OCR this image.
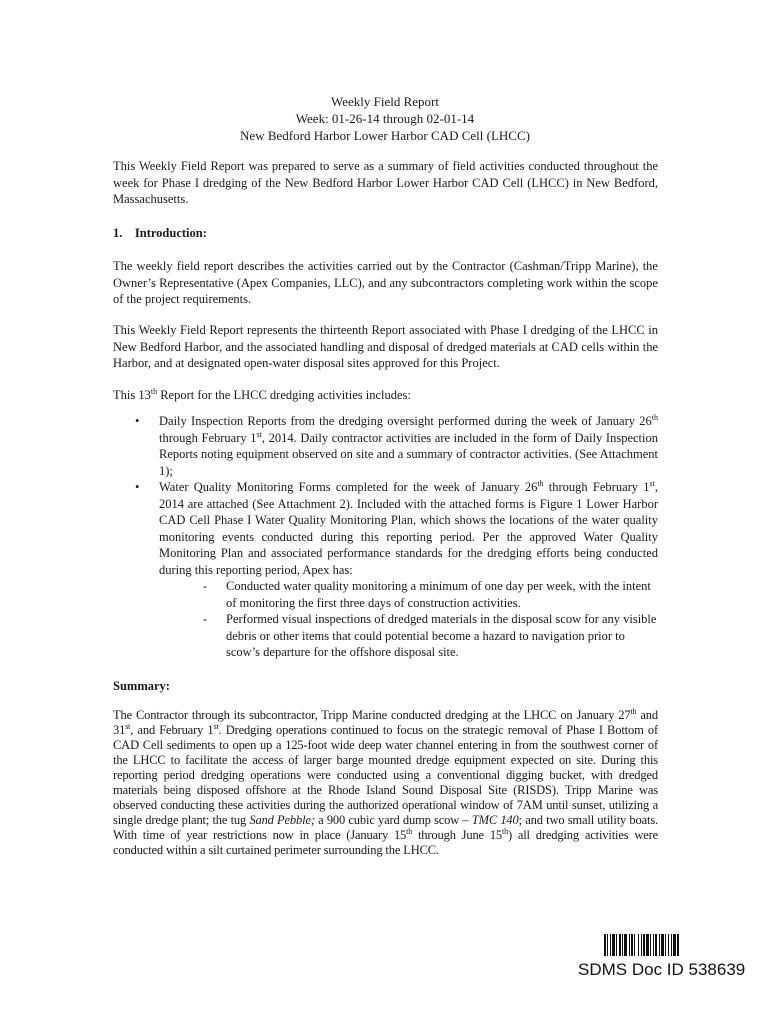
Weekly Field Report
Week: 01-26-14 through 02-01-14
New Bedford Harbor Lower Harbor CAD Cell (LHCC)
This Weekly Field Report was prepared to serve as a summary of field activities conducted throughout the week for Phase I dredging of the New Bedford Harbor Lower Harbor CAD Cell (LHCC) in New Bedford, Massachusetts.
1. Introduction:
The weekly field report describes the activities carried out by the Contractor (Cashman/Tripp Marine), the Owner’s Representative (Apex Companies, LLC), and any subcontractors completing work within the scope of the project requirements.
This Weekly Field Report represents the thirteenth Report associated with Phase I dredging of the LHCC in New Bedford Harbor, and the associated handling and disposal of dredged materials at CAD cells within the Harbor, and at designated open-water disposal sites approved for this Project.
This 13th Report for the LHCC dredging activities includes:
• Daily Inspection Reports from the dredging oversight performed during the week of January 26th through February 1st, 2014. Daily contractor activities are included in the form of Daily Inspection Reports noting equipment observed on site and a summary of contractor activities. (See Attachment 1);
• Water Quality Monitoring Forms completed for the week of January 26th through February 1st, 2014 are attached (See Attachment 2). Included with the attached forms is Figure 1 Lower Harbor CAD Cell Phase I Water Quality Monitoring Plan, which shows the locations of the water quality monitoring events conducted during this reporting period. Per the approved Water Quality Monitoring Plan and associated performance standards for the dredging efforts being conducted during this reporting period, Apex has:
- Conducted water quality monitoring a minimum of one day per week, with the intent of monitoring the first three days of construction activities.
- Performed visual inspections of dredged materials in the disposal scow for any visible debris or other items that could potential become a hazard to navigation prior to scow’s departure for the offshore disposal site.
Summary:
The Contractor through its subcontractor, Tripp Marine conducted dredging at the LHCC on January 27th and 31st, and February 1st. Dredging operations continued to focus on the strategic removal of Phase I Bottom of CAD Cell sediments to open up a 125-foot wide deep water channel entering in from the southwest corner of the LHCC to facilitate the access of larger barge mounted dredge equipment expected on site. During this reporting period dredging operations were conducted using a conventional digging bucket, with dredged materials being disposed offshore at the Rhode Island Sound Disposal Site (RISDS). Tripp Marine was observed conducting these activities during the authorized operational window of 7AM until sunset, utilizing a single dredge plant; the tug Sand Pebble; a 900 cubic yard dump scow – TMC 140; and two small utility boats. With time of year restrictions now in place (January 15th through June 15th) all dredging activities were conducted within a silt curtained perimeter surrounding the LHCC.
SDMS Doc ID 538639
